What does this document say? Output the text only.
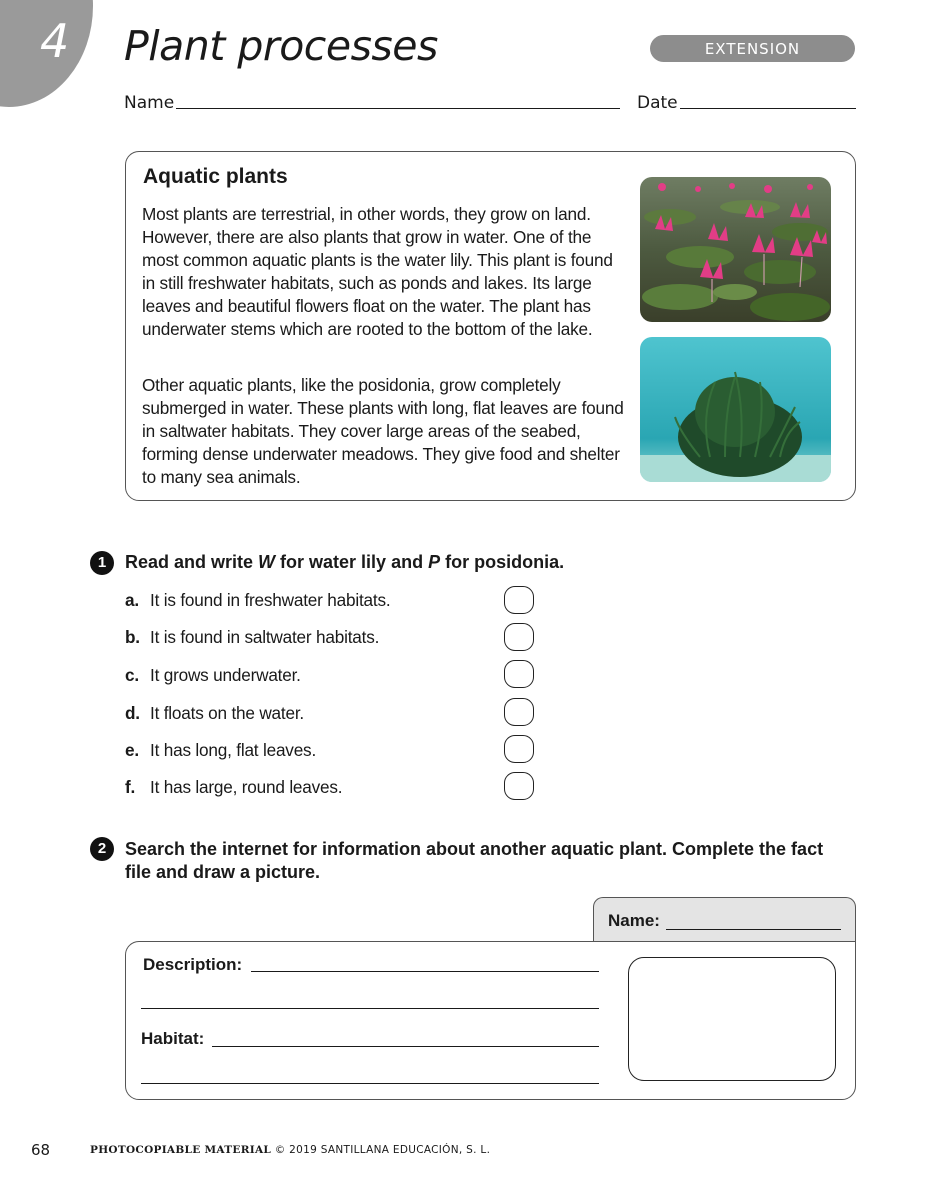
4 Plant processes	EXTENSION
Name	Date
Aquatic plants

Most plants are terrestrial, in other words, they grow on land. However, there are also plants that grow in water. One of the most common aquatic plants is the water lily. This plant is found in still freshwater habitats, such as ponds and lakes. Its large leaves and beautiful flowers float on the water. The plant has underwater stems which are rooted to the bottom of the lake.

Other aquatic plants, like the posidonia, grow completely submerged in water. These plants with long, flat leaves are found in saltwater habitats. They cover large areas of the seabed, forming dense underwater meadows. They give food and shelter to many sea animals.

1	Read and write W for water lily and P for posidonia.

a. It is found in freshwater habitats.
b. It is found in saltwater habitats.
c. It grows underwater.
d. It floats on the water.
e. It has long, flat leaves.
f. It has large, round leaves.
2	Search the internet for information about another aquatic plant. Complete the fact file and draw a picture.

Name:
Description:
Habitat:
68	PHOTOCOPIABLE MATERIAL © 2019 SANTILLANA EDUCACIÓN, S. L.
